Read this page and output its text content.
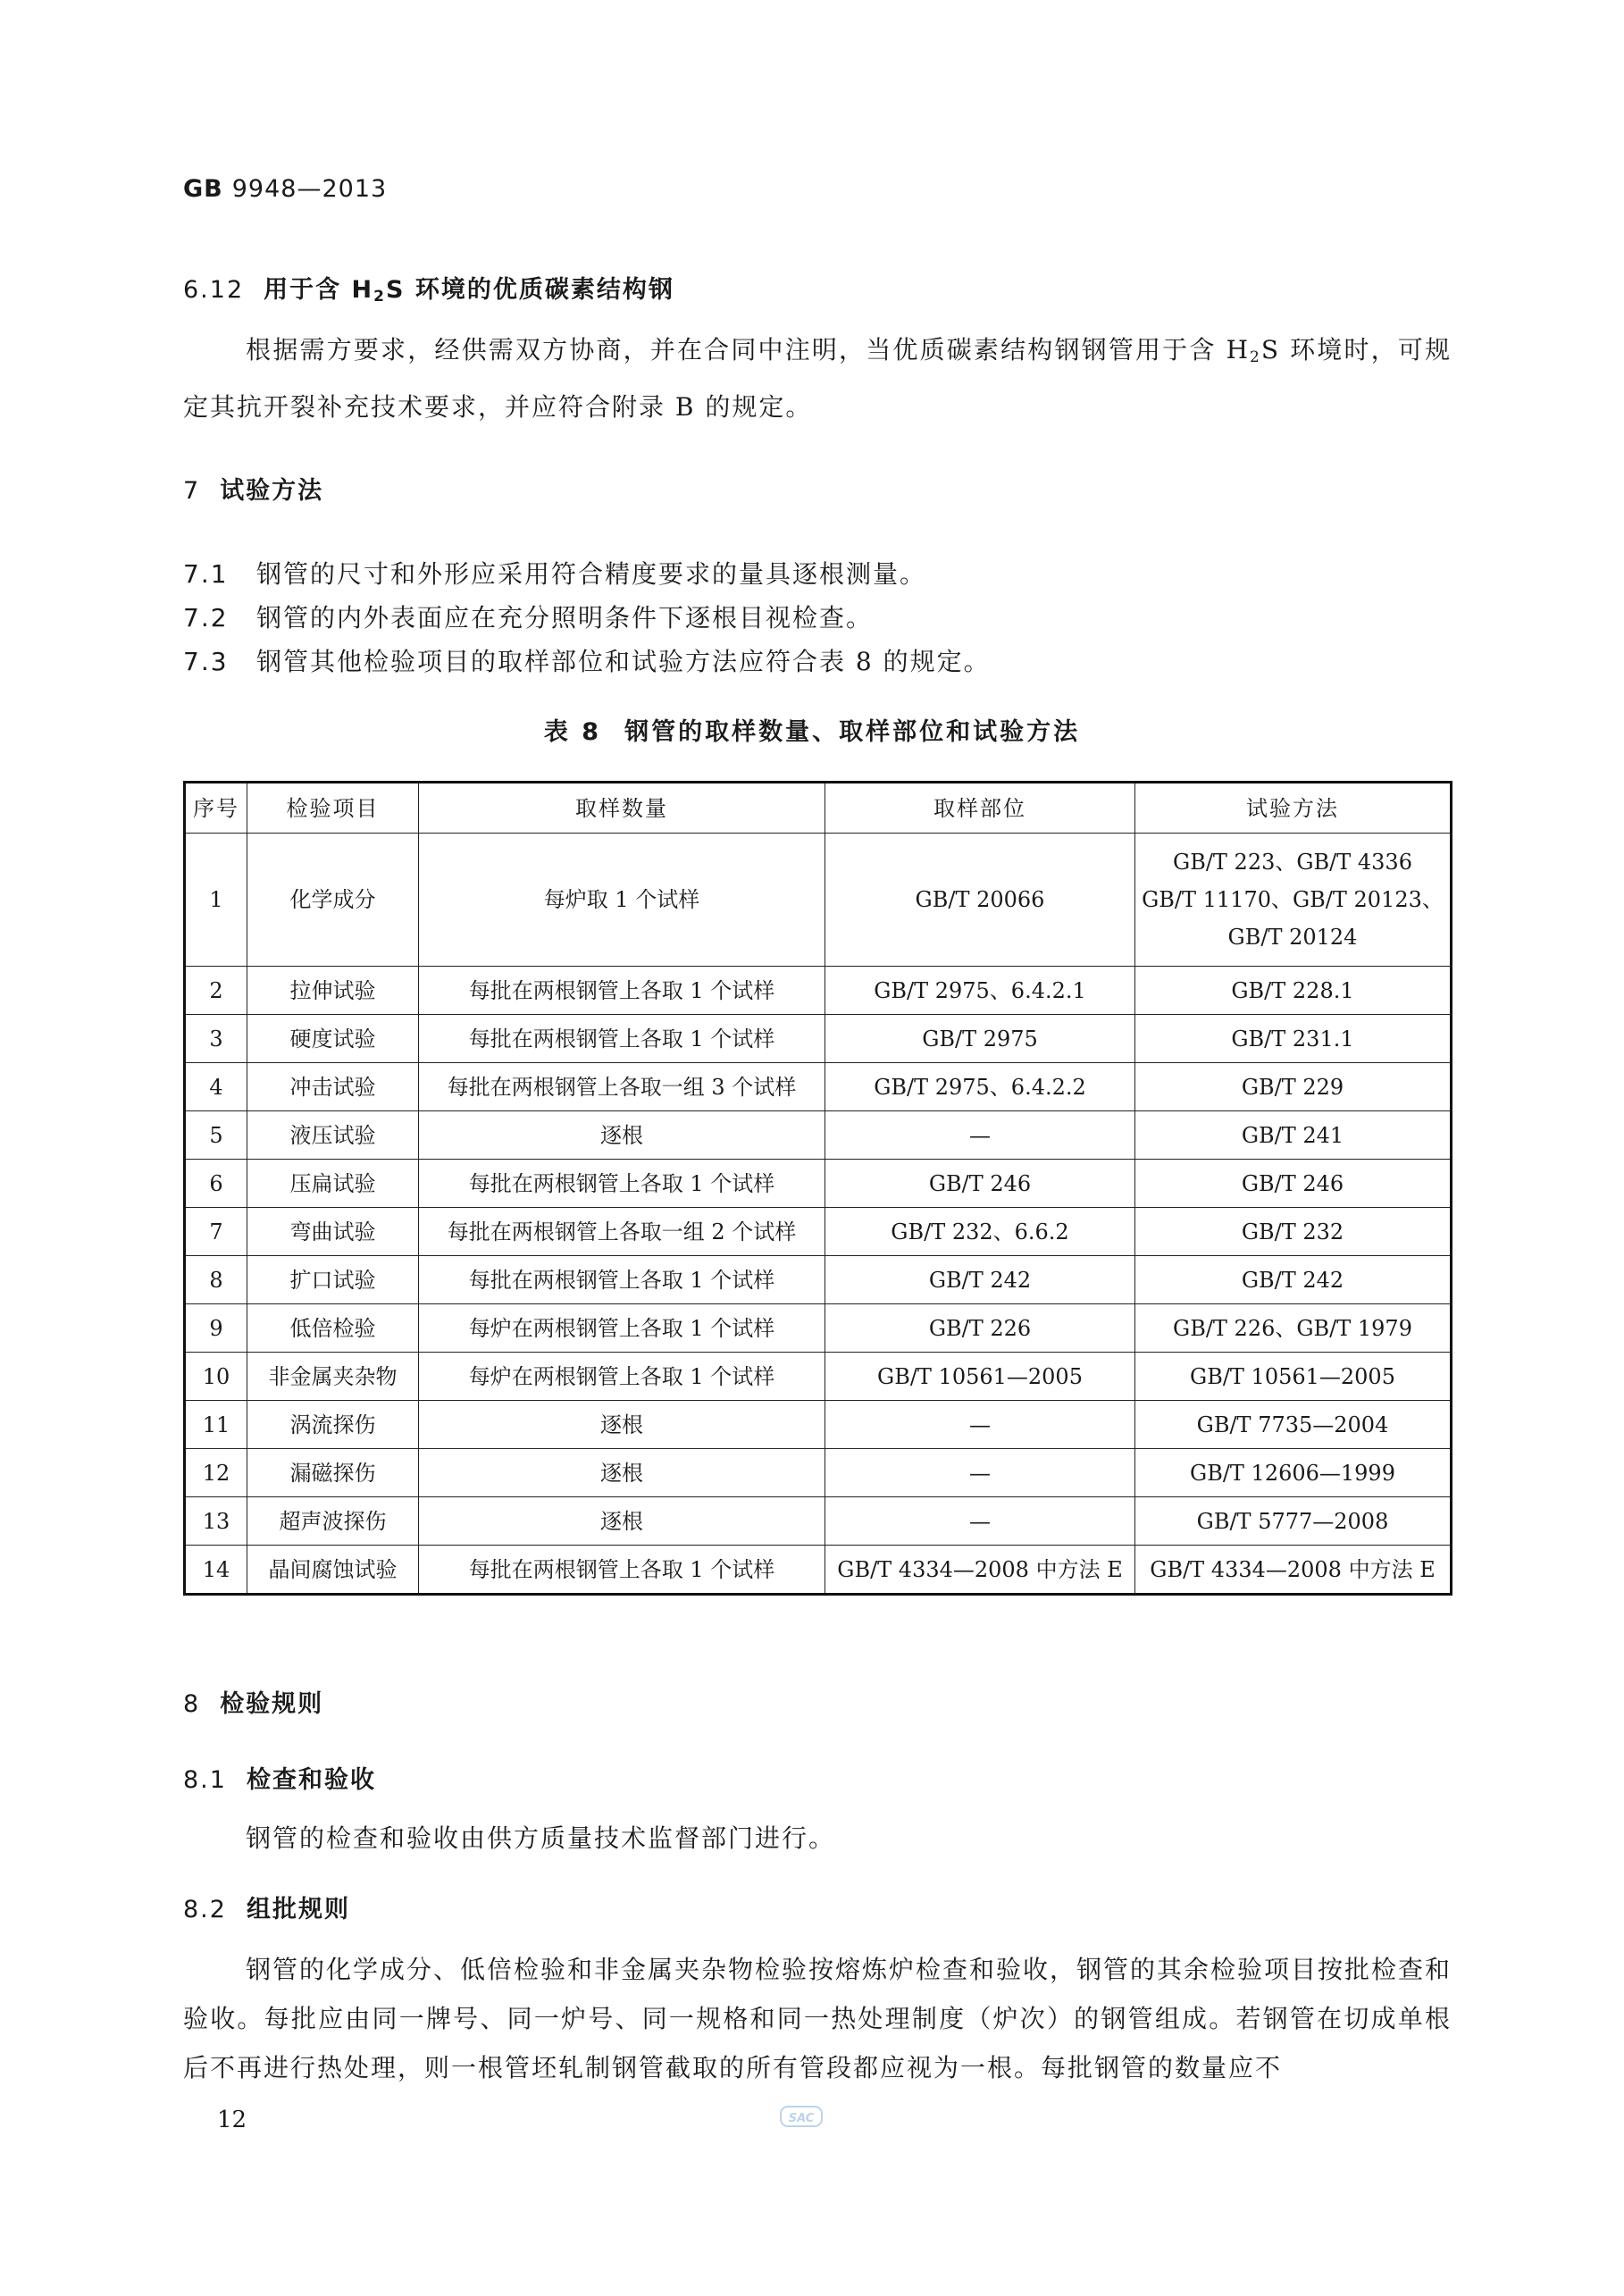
GB 9948—2013
6.12 用于含 $H_2S$ 环境的优质碳素结构钢
根据需方要求，经供需双方协商，并在合同中注明，当优质碳素结构钢钢管用于含 $H_2S$ 环境时，可规定其抗开裂补充技术要求，并应符合附录 B 的规定。
7 试验方法
7.1 钢管的尺寸和外形应采用符合精度要求的量具逐根测量。
7.2 钢管的内外表面应在充分照明条件下逐根目视检查。
7.3 钢管其他检验项目的取样部位和试验方法应符合表 8 的规定。
表 8 钢管的取样数量、取样部位和试验方法
序号	检验项目	取样数量	取样部位	试验方法
1	化学成分	每炉取 1 个试样	GB/T 20066	GB/T 223、GB/T 4336
GB/T 11170、GB/T 20123、
GB/T 20124

2	拉伸试验	每批在两根钢管上各取 1 个试样	GB/T 2975、6.4.2.1	GB/T 228.1
3	硬度试验	每批在两根钢管上各取 1 个试样	GB/T 2975	GB/T 231.1
4	冲击试验	每批在两根钢管上各取一组 3 个试样	GB/T 2975、6.4.2.2	GB/T 229
5	液压试验	逐根	—	GB/T 241
6	压扁试验	每批在两根钢管上各取 1 个试样	GB/T 246	GB/T 246
7	弯曲试验	每批在两根钢管上各取一组 2 个试样	GB/T 232、6.6.2	GB/T 232
8	扩口试验	每批在两根钢管上各取 1 个试样	GB/T 242	GB/T 242
9	低倍检验	每炉在两根钢管上各取 1 个试样	GB/T 226	GB/T 226、GB/T 1979
10	非金属夹杂物	每炉在两根钢管上各取 1 个试样	GB/T 10561—2005	GB/T 10561—2005
11	涡流探伤	逐根	—	GB/T 7735—2004
12	漏磁探伤	逐根	—	GB/T 12606—1999
13	超声波探伤	逐根	—	GB/T 5777—2008
14	晶间腐蚀试验	每批在两根钢管上各取 1 个试样	GB/T 4334—2008 中方法 E	GB/T 4334—2008 中方法 E
8 检验规则
8.1 检查和验收
钢管的检查和验收由供方质量技术监督部门进行。
8.2 组批规则
钢管的化学成分、低倍检验和非金属夹杂物检验按熔炼炉检查和验收，钢管的其余检验项目按批检查和验收。每批应由同一牌号、同一炉号、同一规格和同一热处理制度（炉次）的钢管组成。若钢管在切成单根后不再进行热处理，则一根管坯轧制钢管截取的所有管段都应视为一根。每批钢管的数量应不
12	SAC
